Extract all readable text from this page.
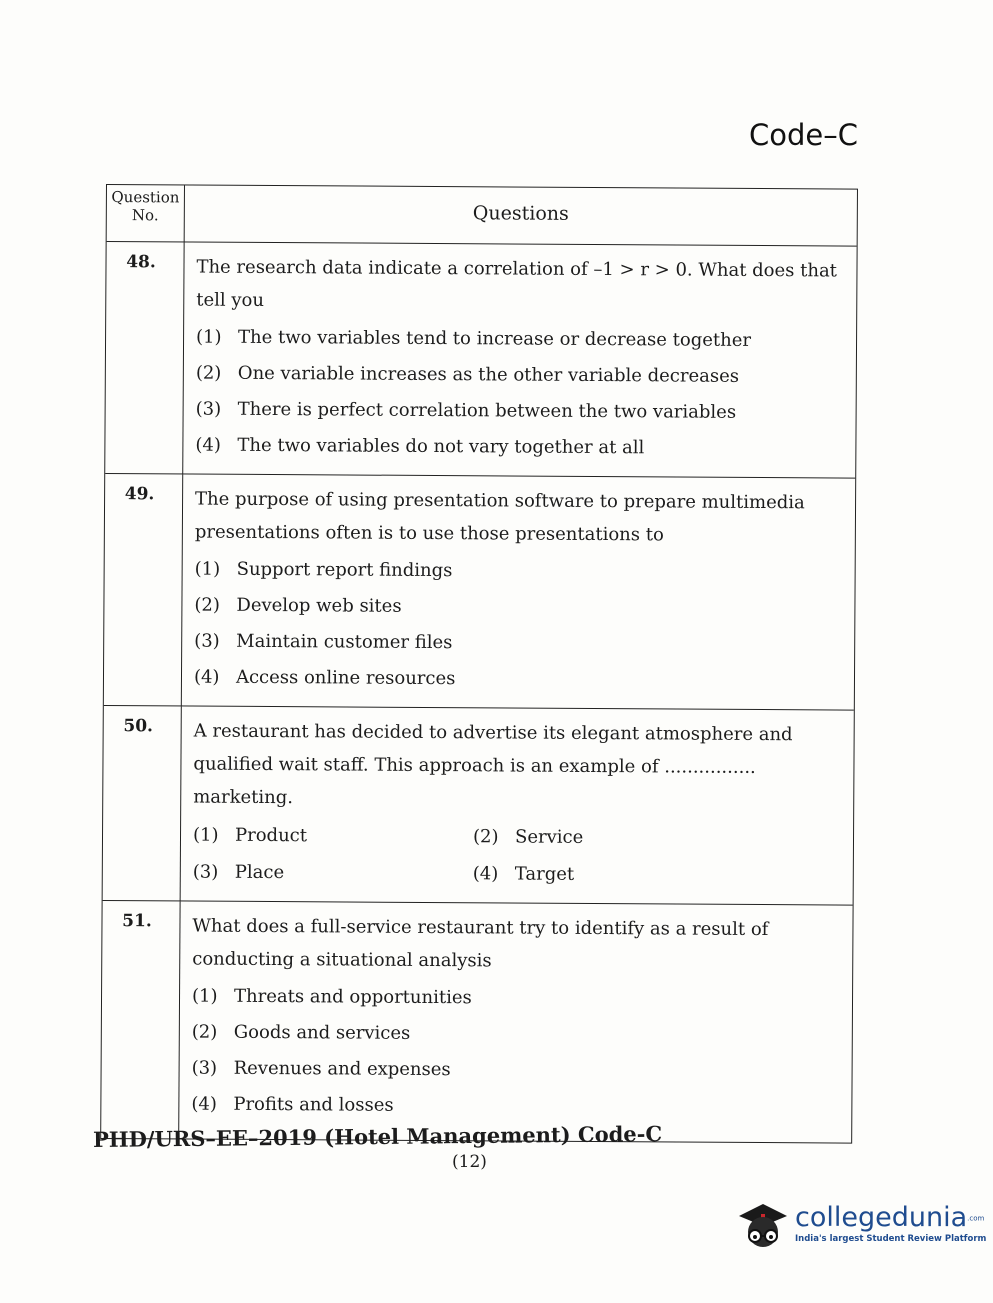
Code–C
Question No.	Questions
48.	The research data indicate a correlation of –1 > r > 0. What does that tell you
(1) The two variables tend to increase or decrease together
(2) One variable increases as the other variable decreases
(3) There is perfect correlation between the two variables
(4) The two variables do not vary together at all
49.	The purpose of using presentation software to prepare multimedia presentations often is to use those presentations to
(1) Support report findings
(2) Develop web sites
(3) Maintain customer files
(4) Access online resources
50.	A restaurant has decided to advertise its elegant atmosphere and qualified wait staff. This approach is an example of ................ marketing.
(1) Product	(2) Service
(3) Place	(4) Target
51.	What does a full-service restaurant try to identify as a result of conducting a situational analysis
(1) Threats and opportunities
(2) Goods and services
(3) Revenues and expenses
(4) Profits and losses
PHD/URS–EE–2019 (Hotel Management) Code-C
(12)
collegedunia.com
India's largest Student Review Platform
